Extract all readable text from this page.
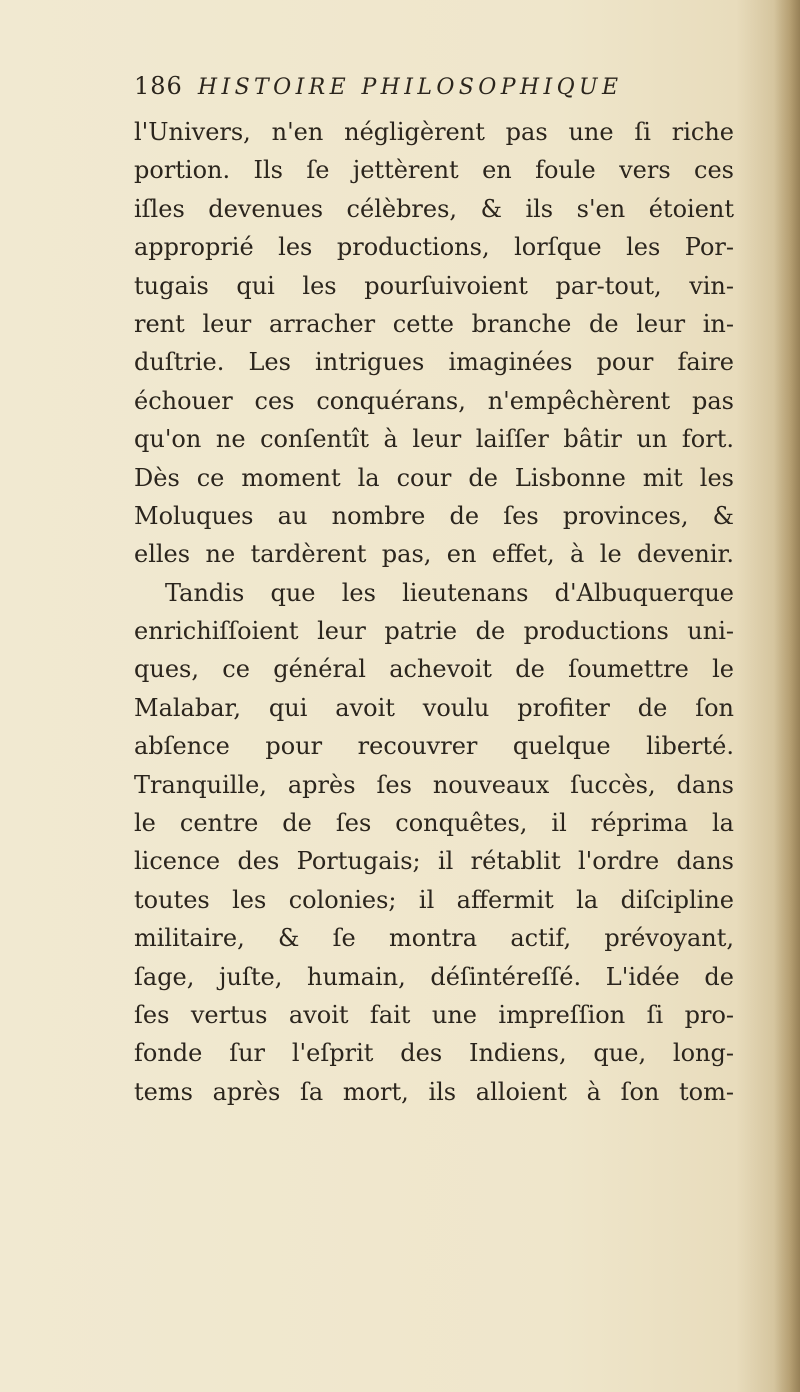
186 HISTOIRE PHILOSOPHIQUE
l'Univers, n'en négligèrent pas une ſi riche
portion. Ils ſe jettèrent en foule vers ces
iſles devenues célèbres, & ils s'en étoient
approprié les productions, lorſque les Por-
tugais qui les pourſuivoient par-tout, vin-
rent leur arracher cette branche de leur in-
duſtrie. Les intrigues imaginées pour faire
échouer ces conquérans, n'empêchèrent pas
qu'on ne conſentît à leur laiſſer bâtir un fort.
Dès ce moment la cour de Lisbonne mit les
Moluques au nombre de ſes provinces, &
elles ne tardèrent pas, en effet, à le devenir.
Tandis que les lieutenans d'Albuquerque
enrichiſſoient leur patrie de productions uni-
ques, ce général achevoit de ſoumettre le
Malabar, qui avoit voulu profiter de ſon
abſence pour recouvrer quelque liberté.
Tranquille, après ſes nouveaux ſuccès, dans
le centre de ſes conquêtes, il réprima la
licence des Portugais; il rétablit l'ordre dans
toutes les colonies; il affermit la diſcipline
militaire, & ſe montra actif, prévoyant,
ſage, juſte, humain, déſintéreſſé. L'idée de
ſes vertus avoit fait une impreſſion ſi pro-
fonde ſur l'eſprit des Indiens, que, long-
tems après ſa mort, ils alloient à ſon tom-
